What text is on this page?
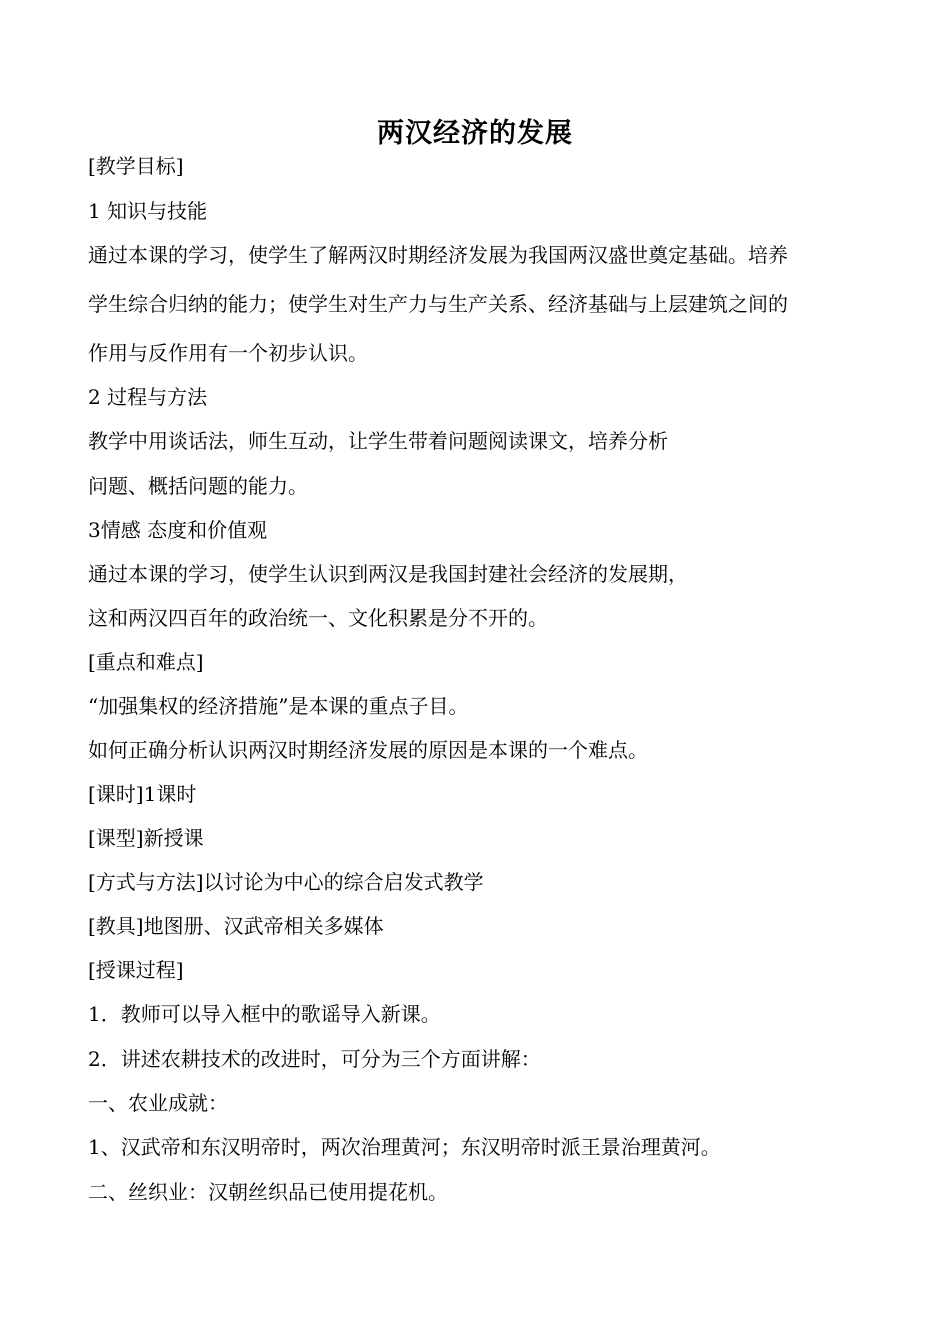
两汉经济的发展
[教学目标]
1 知识与技能
通过本课的学习，使学生了解两汉时期经济发展为我国两汉盛世奠定基础。培养
学生综合归纳的能力；使学生对生产力与生产关系、经济基础与上层建筑之间的
作用与反作用有一个初步认识。
2 过程与方法
教学中用谈话法，师生互动，让学生带着问题阅读课文，培养分析
问题、概括问题的能力。
3情感 态度和价值观
通过本课的学习，使学生认识到两汉是我国封建社会经济的发展期，
这和两汉四百年的政治统一、文化积累是分不开的。
[重点和难点]
“加强集权的经济措施”是本课的重点子目。
如何正确分析认识两汉时期经济发展的原因是本课的一个难点。
[课时]1课时
[课型]新授课
[方式与方法]以讨论为中心的综合启发式教学
[教具]地图册、汉武帝相关多媒体
[授课过程]
1．教师可以导入框中的歌谣导入新课。
2．讲述农耕技术的改进时，可分为三个方面讲解：
一、农业成就：
1、汉武帝和东汉明帝时，两次治理黄河；东汉明帝时派王景治理黄河。
二、丝织业：汉朝丝织品已使用提花机。
